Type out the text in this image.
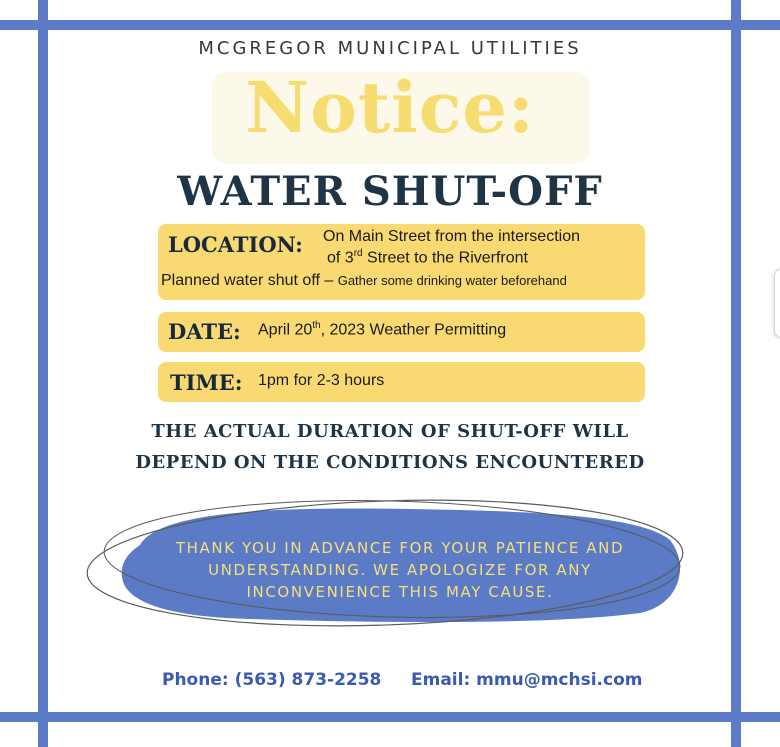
MCGREGOR MUNICIPAL UTILITIES
Notice:
WATER SHUT-OFF
LOCATION: On Main Street from the intersection
of 3rd Street to the Riverfront
Planned water shut off – Gather some drinking water beforehand
DATE: April 20th, 2023 Weather Permitting
TIME: 1pm for 2-3 hours
THE ACTUAL DURATION OF SHUT-OFF WILL
DEPEND ON THE CONDITIONS ENCOUNTERED
THANK YOU IN ADVANCE FOR YOUR PATIENCE AND
UNDERSTANDING. WE APOLOGIZE FOR ANY
INCONVENIENCE THIS MAY CAUSE.
Phone: (563) 873-2258 Email: mmu@mchsi.com
